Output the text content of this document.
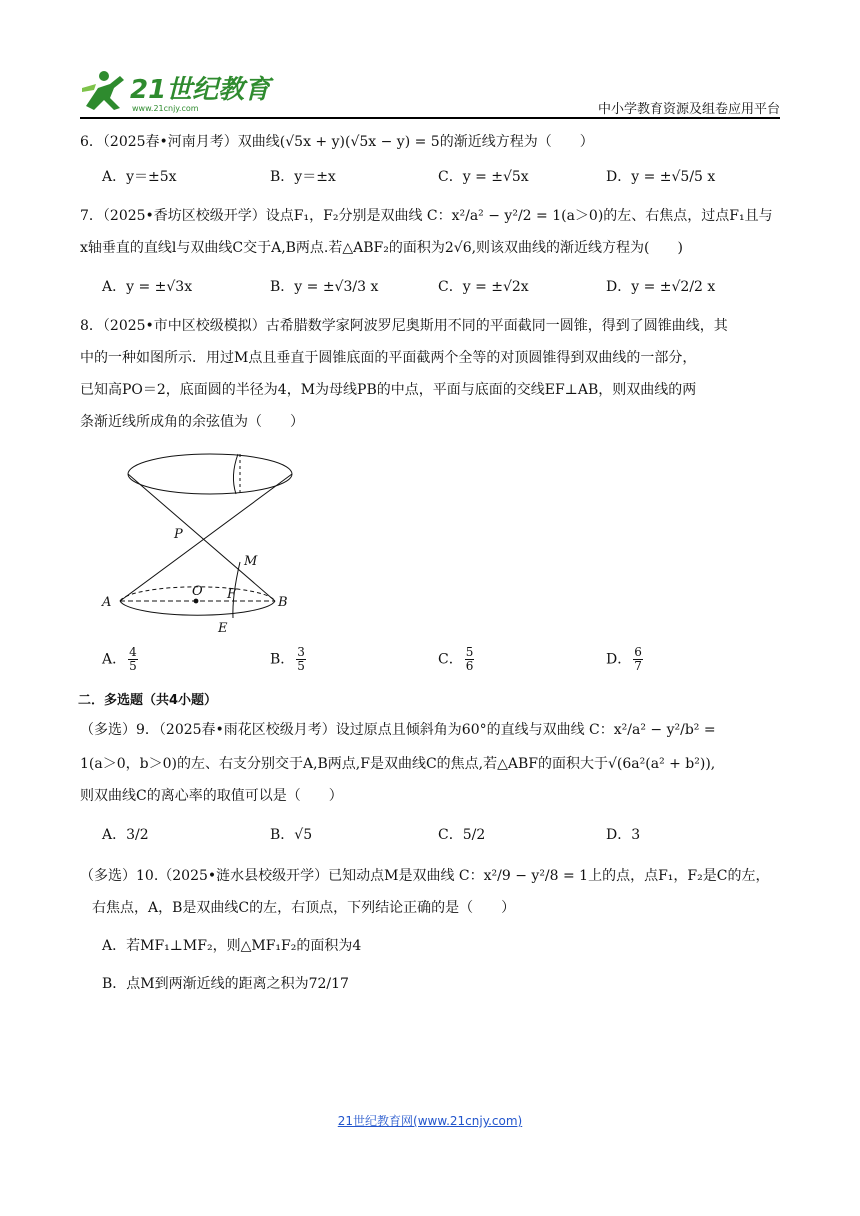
21世纪教育
www.21cnjy.com	中小学教育资源及组卷应用平台

6．（2025春•河南月考）双曲线(√5x + y)(√5x − y) = 5的渐近线方程为（　　）

A．y＝±5x	B．y＝±x	C．y = ±√5x	D．y = ±√5/5 x

7．（2025•香坊区校级开学）设点F₁，F₂分别是双曲线 C：x²/a² − y²/2 = 1(a＞0)的左、右焦点，过点F₁且与

x轴垂直的直线l与双曲线C交于A,B两点.若△ABF₂的面积为2√6,则该双曲线的渐近线方程为(　　)

A．y = ±√3x	B．y = ±√3/3 x	C．y = ±√2x	D．y = ±√2/2 x

8．（2025•市中区校级模拟）古希腊数学家阿波罗尼奥斯用不同的平面截同一圆锥，得到了圆锥曲线，其

中的一种如图所示．用过M点且垂直于圆锥底面的平面截两个全等的对顶圆锥得到双曲线的一部分，

已知高PO＝2，底面圆的半径为4，M为母线PB的中点，平面与底面的交线EF⊥AB，则双曲线的两

条渐近线所成角的余弦值为（　　）

P
M
O F
A	B
E
A． $\frac{4}{5}$	B． $\frac{3}{5}$	C． $\frac{5}{6}$	D． $\frac{6}{7}$

二．多选题（共4小题）

（多选）9．（2025春•雨花区校级月考）设过原点且倾斜角为60°的直线与双曲线 C：x²/a² − y²/b² =

1(a＞0，b＞0)的左、右支分别交于A,B两点,F是双曲线C的焦点,若△ABF的面积大于√(6a²(a² + b²)),

则双曲线C的离心率的取值可以是（　　）

A．3/2	B．√5	C．5/2	D．3

（多选）10.（2025•涟水县校级开学）已知动点M是双曲线 C：x²/9 − y²/8 = 1上的点，点F₁，F₂是C的左，

右焦点，A，B是双曲线C的左，右顶点，下列结论正确的是（　　）

A．若MF₁⊥MF₂，则△MF₁F₂的面积为4

B．点M到两渐近线的距离之积为72/17

21世纪教育网(www.21cnjy.com)
